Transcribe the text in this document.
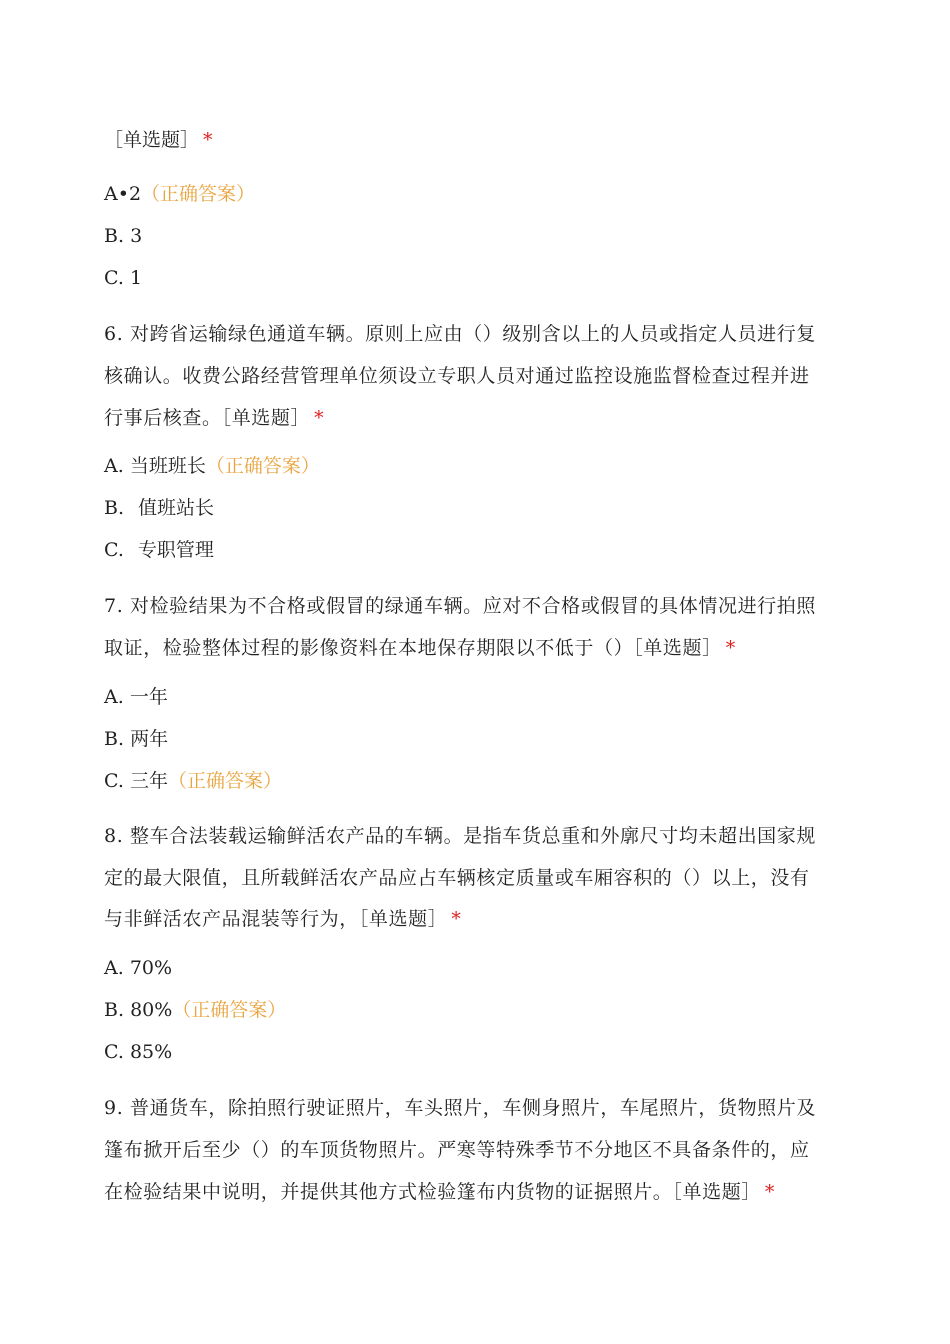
［单选题］ *
A•2（正确答案）
B. 3
C. 1
6. 对跨省运输绿色通道车辆。原则上应由（）级别含以上的人员或指定人员进行复
核确认。收费公路经营管理单位须设立专职人员对通过监控设施监督检查过程并进
行事后核查。［单选题］ *
A. 当班班长（正确答案）
B. 值班站长
C. 专职管理
7. 对检验结果为不合格或假冒的绿通车辆。应对不合格或假冒的具体情况进行拍照
取证，检验整体过程的影像资料在本地保存期限以不低于（）［单选题］ *
A. 一年
B. 两年
C. 三年（正确答案）
8. 整车合法装载运输鲜活农产品的车辆。是指车货总重和外廓尺寸均未超出国家规
定的最大限值，且所载鲜活农产品应占车辆核定质量或车厢容积的（）以上，没有
与非鲜活农产品混装等行为，［单选题］ *
A. 70%
B. 80%（正确答案）
C. 85%
9. 普通货车，除拍照行驶证照片，车头照片，车侧身照片，车尾照片，货物照片及
篷布掀开后至少（）的车顶货物照片。严寒等特殊季节不分地区不具备条件的，应
在检验结果中说明，并提供其他方式检验篷布内货物的证据照片。［单选题］ *
